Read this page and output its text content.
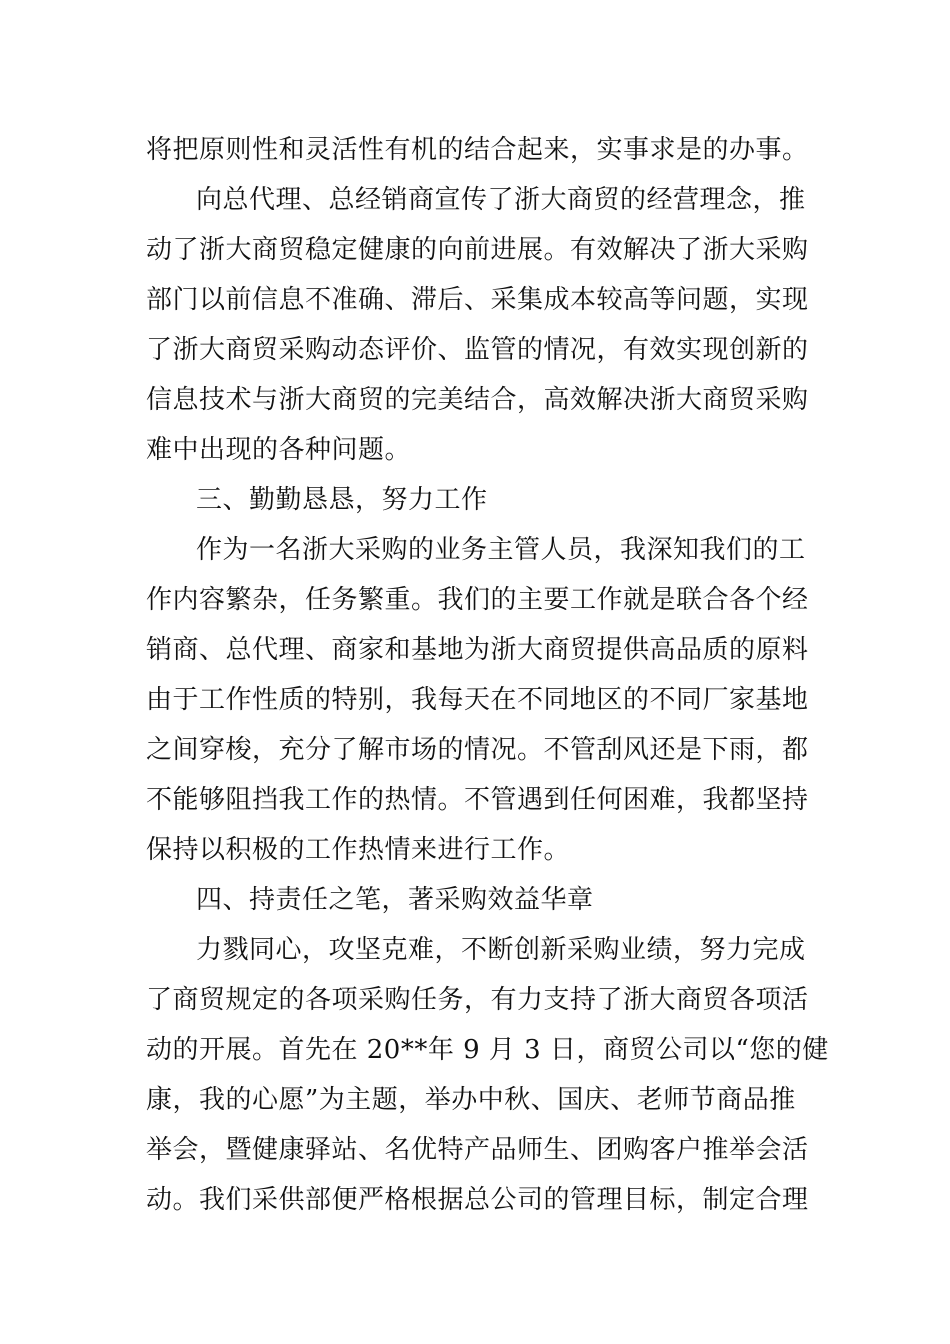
将把原则性和灵活性有机的结合起来，实事求是的办事。
向总代理、总经销商宣传了浙大商贸的经营理念，推
动了浙大商贸稳定健康的向前进展。有效解决了浙大采购
部门以前信息不准确、滞后、采集成本较高等问题，实现
了浙大商贸采购动态评价、监管的情况，有效实现创新的
信息技术与浙大商贸的完美结合，高效解决浙大商贸采购
难中出现的各种问题。
三、勤勤恳恳，努力工作
作为一名浙大采购的业务主管人员，我深知我们的工
作内容繁杂，任务繁重。我们的主要工作就是联合各个经
销商、总代理、商家和基地为浙大商贸提供高品质的原料
由于工作性质的特别，我每天在不同地区的不同厂家基地
之间穿梭，充分了解市场的情况。不管刮风还是下雨，都
不能够阻挡我工作的热情。不管遇到任何困难，我都坚持
保持以积极的工作热情来进行工作。
四、持责任之笔，著采购效益华章
力戮同心，攻坚克难，不断创新采购业绩，努力完成
了商贸规定的各项采购任务，有力支持了浙大商贸各项活
动的开展。首先在 20**年 9 月 3 日，商贸公司以“您的健
康，我的心愿”为主题，举办中秋、国庆、老师节商品推
举会，暨健康驿站、名优特产品师生、团购客户推举会活
动。我们采供部便严格根据总公司的管理目标，制定合理
